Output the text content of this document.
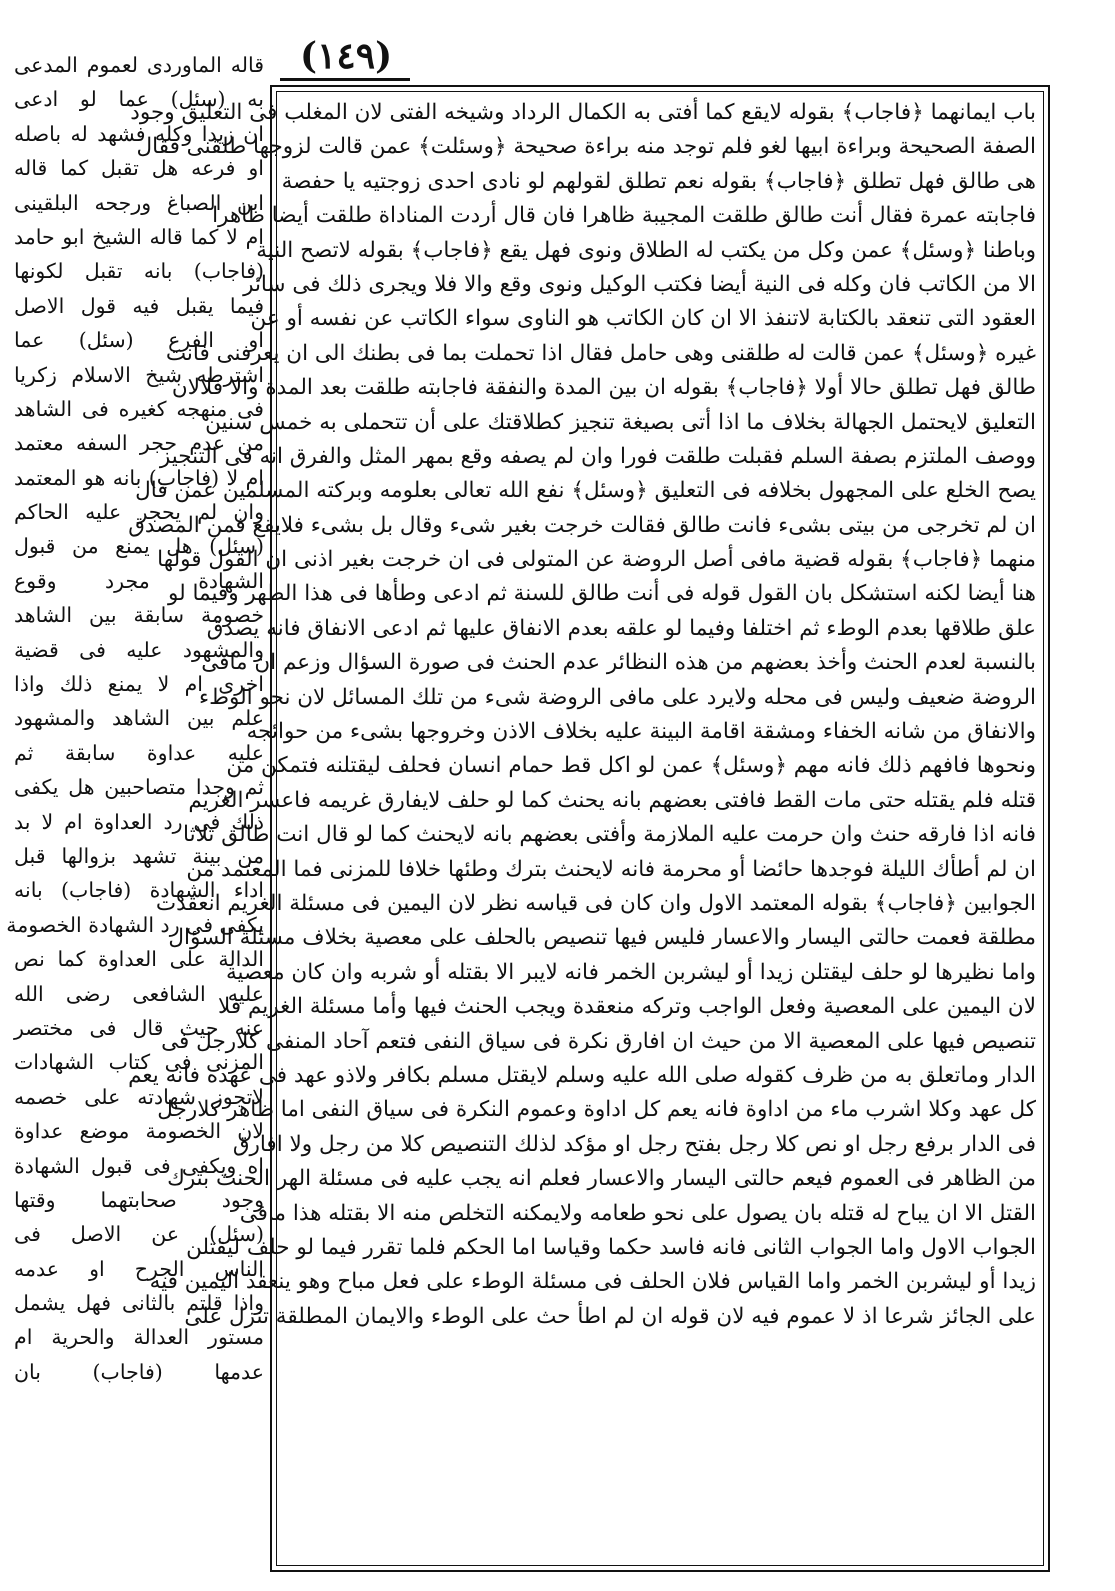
(١٤٩)
باب ايمانهما ﴿فاجاب﴾ بقوله لايقع كما أفتى به الكمال الرداد وشيخه الفتى لان المغلب فى التعليق وجود
الصفة الصحيحة وبراءة ابيها لغو فلم توجد منه براءة صحيحة ﴿وسئلت﴾ عمن قالت لزوجها طلقنى فقال
هى طالق فهل تطلق ﴿فاجاب﴾ بقوله نعم تطلق لقولهم لو نادى احدى زوجتيه يا حفصة
فاجابته عمرة فقال أنت طالق طلقت المجيبة ظاهرا فان قال أردت المناداة طلقت أيضا ظاهرا
وباطنا ﴿وسئل﴾ عمن وكل من يكتب له الطلاق ونوى فهل يقع ﴿فاجاب﴾ بقوله لاتصح النية
الا من الكاتب فان وكله فى النية أيضا فكتب الوكيل ونوى وقع والا فلا ويجرى ذلك فى سائر
العقود التى تنعقد بالكتابة لاتنفذ الا ان كان الكاتب هو الناوى سواء الكاتب عن نفسه أو عن
غيره ﴿وسئل﴾ عمن قالت له طلقنى وهى حامل فقال اذا تحملت بما فى بطنك الى ان يعرفنى فانت
طالق فهل تطلق حالا أولا ﴿فاجاب﴾ بقوله ان بين المدة والنفقة فاجابته طلقت بعد المدة والا فلالان
التعليق لايحتمل الجهالة بخلاف ما اذا أتى بصيغة تنجيز كطلاقتك على أن تتحملى به خمس سنين
ووصف الملتزم بصفة السلم فقبلت طلقت فورا وان لم يصفه وقع بمهر المثل والفرق انه فى التنجيز
يصح الخلع على المجهول بخلافه فى التعليق ﴿وسئل﴾ نفع الله تعالى بعلومه وبركته المسلمين عمن قال
ان لم تخرجى من بيتى بشىء فانت طالق فقالت خرجت بغير شىء وقال بل بشىء فلايقع فمن المصدق
منهما ﴿فاجاب﴾ بقوله قضية مافى أصل الروضة عن المتولى فى ان خرجت بغير اذنى ان القول قولها
هنا أيضا لكنه استشكل بان القول قوله فى أنت طالق للسنة ثم ادعى وطأها فى هذا الطهر وفيما لو
علق طلاقها بعدم الوطء ثم اختلفا وفيما لو علقه بعدم الانفاق عليها ثم ادعى الانفاق فانه يصدق
بالنسبة لعدم الحنث وأخذ بعضهم من هذه النظائر عدم الحنث فى صورة السؤال وزعم ان مافى
الروضة ضعيف وليس فى محله ولايرد على مافى الروضة شىء من تلك المسائل لان نحو الوطء
والانفاق من شانه الخفاء ومشقة اقامة البينة عليه بخلاف الاذن وخروجها بشىء من حوائجه
ونحوها فافهم ذلك فانه مهم ﴿وسئل﴾ عمن لو اكل قط حمام انسان فحلف ليقتلنه فتمكن من
قتله فلم يقتله حتى مات القط فافتى بعضهم بانه يحنث كما لو حلف لايفارق غريمه فاعسر الغريم
فانه اذا فارقه حنث وان حرمت عليه الملازمة وأفتى بعضهم بانه لايحنث كما لو قال انت طالق ثلاثا
ان لم أطأك الليلة فوجدها حائضا أو محرمة فانه لايحنث بترك وطئها خلافا للمزنى فما المعتمد من
الجوابين ﴿فاجاب﴾ بقوله المعتمد الاول وان كان فى قياسه نظر لان اليمين فى مسئلة الغريم انعقدت
مطلقة فعمت حالتى اليسار والاعسار فليس فيها تنصيص بالحلف على معصية بخلاف مسئلة السؤال
واما نظيرها لو حلف ليقتلن زيدا أو ليشربن الخمر فانه لايبر الا بقتله أو شربه وان كان معصية
لان اليمين على المعصية وفعل الواجب وتركه منعقدة ويجب الحنث فيها وأما مسئلة الغريم فلا
تنصيص فيها على المعصية الا من حيث ان افارق نكرة فى سياق النفى فتعم آحاد المنفى كلارجل فى
الدار وماتعلق به من ظرف كقوله صلى الله عليه وسلم لايقتل مسلم بكافر ولاذو عهد فى عهده فانه يعم
كل عهد وكلا اشرب ماء من اداوة فانه يعم كل اداوة وعموم النكرة فى سياق النفى اما ظاهر كلارجل
فى الدار برفع رجل او نص كلا رجل بفتح رجل او مؤكد لذلك التنصيص كلا من رجل ولا افارق
من الظاهر فى العموم فيعم حالتى اليسار والاعسار فعلم انه يجب عليه فى مسئلة الهر الحنث بترك
القتل الا ان يباح له قتله بان يصول على نحو طعامه ولايمكنه التخلص منه الا بقتله هذا مافى
الجواب الاول واما الجواب الثانى فانه فاسد حكما وقياسا اما الحكم فلما تقرر فيما لو حلف ليقتلن
زيدا أو ليشربن الخمر واما القياس فلان الحلف فى مسئلة الوطء على فعل مباح وهو ينعقد اليمين فيه
على الجائز شرعا اذ لا عموم فيه لان قوله ان لم اطأ حث على الوطء والايمان المطلقة تنزل على
قاله الماوردى لعموم المدعى
به (سئل) عما لو ادعى
ان زيدا وكله فشهد له باصله
او فرعه هل تقبل كما قاله
ابن الصباغ ورجحه البلقينى
ام لا كما قاله الشيخ ابو حامد
(فاجاب) بانه تقبل لكونها
فيما يقبل فيه قول الاصل
او الفرع (سئل) عما
اشترطه شيخ الاسلام زكريا
فى منهجه كغيره فى الشاهد
من عدم حجر السفه معتمد
ام لا (فاجاب) بانه هو المعتمد
وان لم يحجر عليه الحاكم
(سئل) هل يمنع من قبول
الشهادة مجرد وقوع
خصومة سابقة بين الشاهد
والمشهود عليه فى قضية
اخرى ام لا يمنع ذلك واذا
علم بين الشاهد والمشهود
عليه عداوة سابقة ثم
ثم وجدا متصاحبين هل يكفى
ذلك فى رد العداوة ام لا بد
من بينة تشهد بزوالها قبل
اداء الشهادة (فاجاب) بانه
يكفى فى رد الشهادة الخصومة
الدالة على العداوة كما نص
عليه الشافعى رضى الله
عنه حيث قال فى مختصر
المزنى فى كتاب الشهادات
لاتجوز شهادته على خصمه
لان الخصومة موضع عداوة
اه ويكفى فى قبول الشهادة
وجود صحابتهما وقتها
(سئل) عن الاصل فى
الناس الجرح او عدمه
واذا قلتم بالثانى فهل يشمل
مستور العدالة والحرية ام
عدمها (فاجاب) بان
